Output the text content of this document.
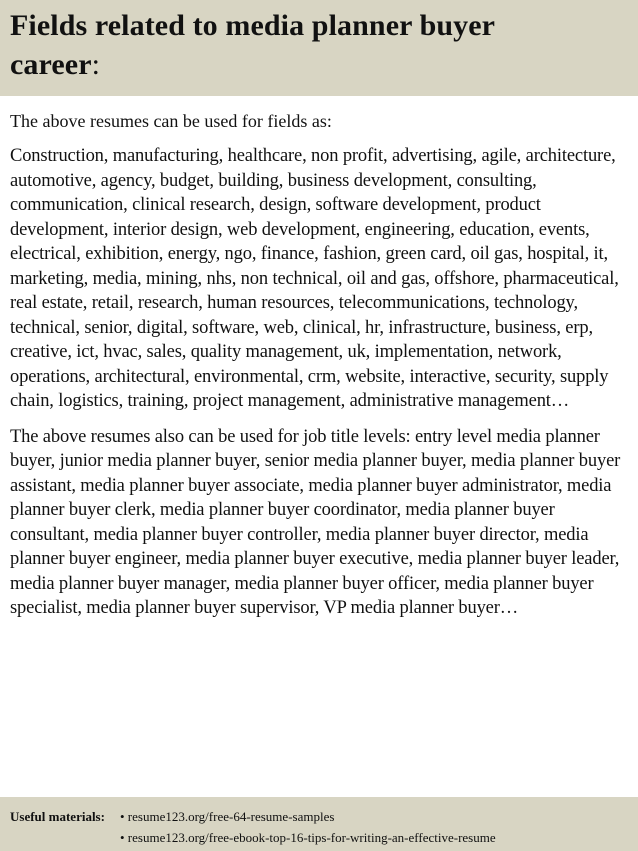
Fields related to media planner buyer
career:

The above resumes can be used for fields as:

Construction, manufacturing, healthcare, non profit, advertising, agile, architecture, automotive, agency, budget, building, business development, consulting, communication, clinical research, design, software development, product development, interior design, web development, engineering, education, events, electrical, exhibition, energy, ngo, finance, fashion, green card, oil gas, hospital, it, marketing, media, mining, nhs, non technical, oil and gas, offshore, pharmaceutical, real estate, retail, research, human resources, telecommunications, technology, technical, senior, digital, software, web, clinical, hr, infrastructure, business, erp, creative, ict, hvac, sales, quality management, uk, implementation, network, operations, architectural, environmental, crm, website, interactive, security, supply chain, logistics, training, project management, administrative management…

The above resumes also can be used for job title levels: entry level media planner buyer, junior media planner buyer, senior media planner buyer, media planner buyer assistant, media planner buyer associate, media planner buyer administrator, media planner buyer clerk, media planner buyer coordinator, media planner buyer consultant, media planner buyer controller, media planner buyer director, media planner buyer engineer, media planner buyer executive, media planner buyer leader, media planner buyer manager, media planner buyer officer, media planner buyer specialist, media planner buyer supervisor, VP media planner buyer…

Useful materials:	• resume123.org/free-64-resume-samples
• resume123.org/free-ebook-top-16-tips-for-writing-an-effective-resume
